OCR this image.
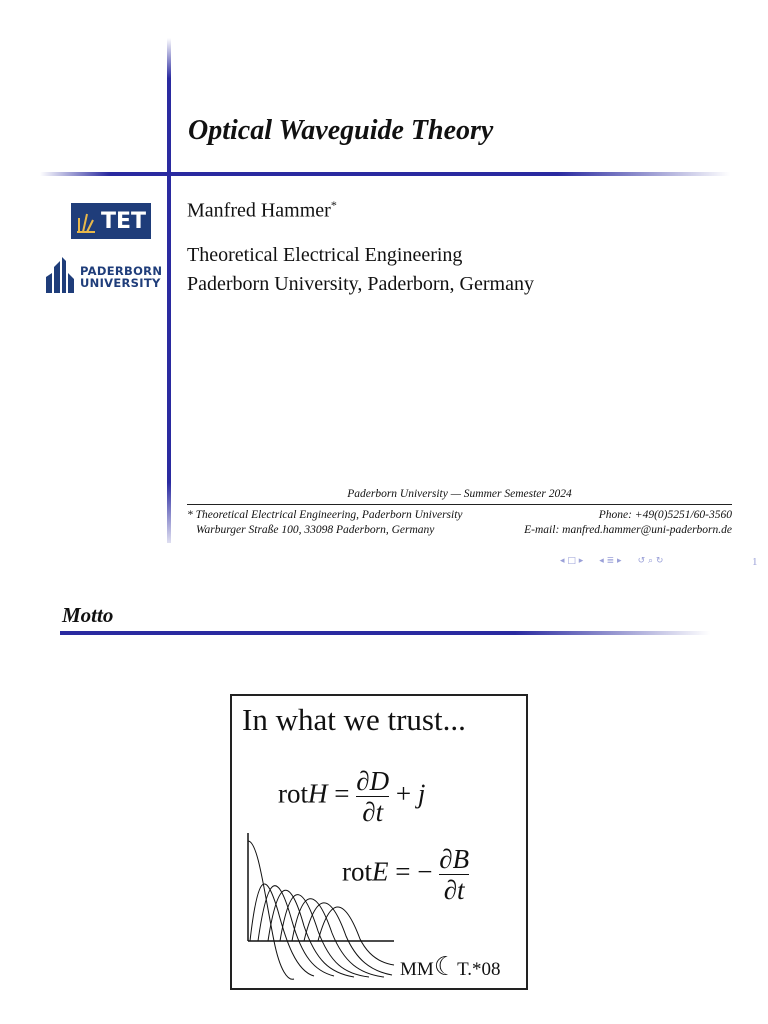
TET
PADERBORN
UNIVERSITY
Optical Waveguide Theory
Manfred Hammer*
Theoretical Electrical Engineering
Paderborn University, Paderborn, Germany
Paderborn University — Summer Semester 2024
* Theoretical Electrical Engineering, Paderborn University
Warburger Straße 100, 33098 Paderborn, Germany
Phone: +49(0)5251/60-3560
E-mail: manfred.hammer@uni-paderborn.de
◂ □ ▸ ◂ ≣ ▸ ↺ ⌕ ↻	1
Motto
In what we trust...
rotH = $\frac{\partial D}{\partial t} + j$
rotE = − $\frac{\partial B}{\partial t}$
MM☾T.*08
